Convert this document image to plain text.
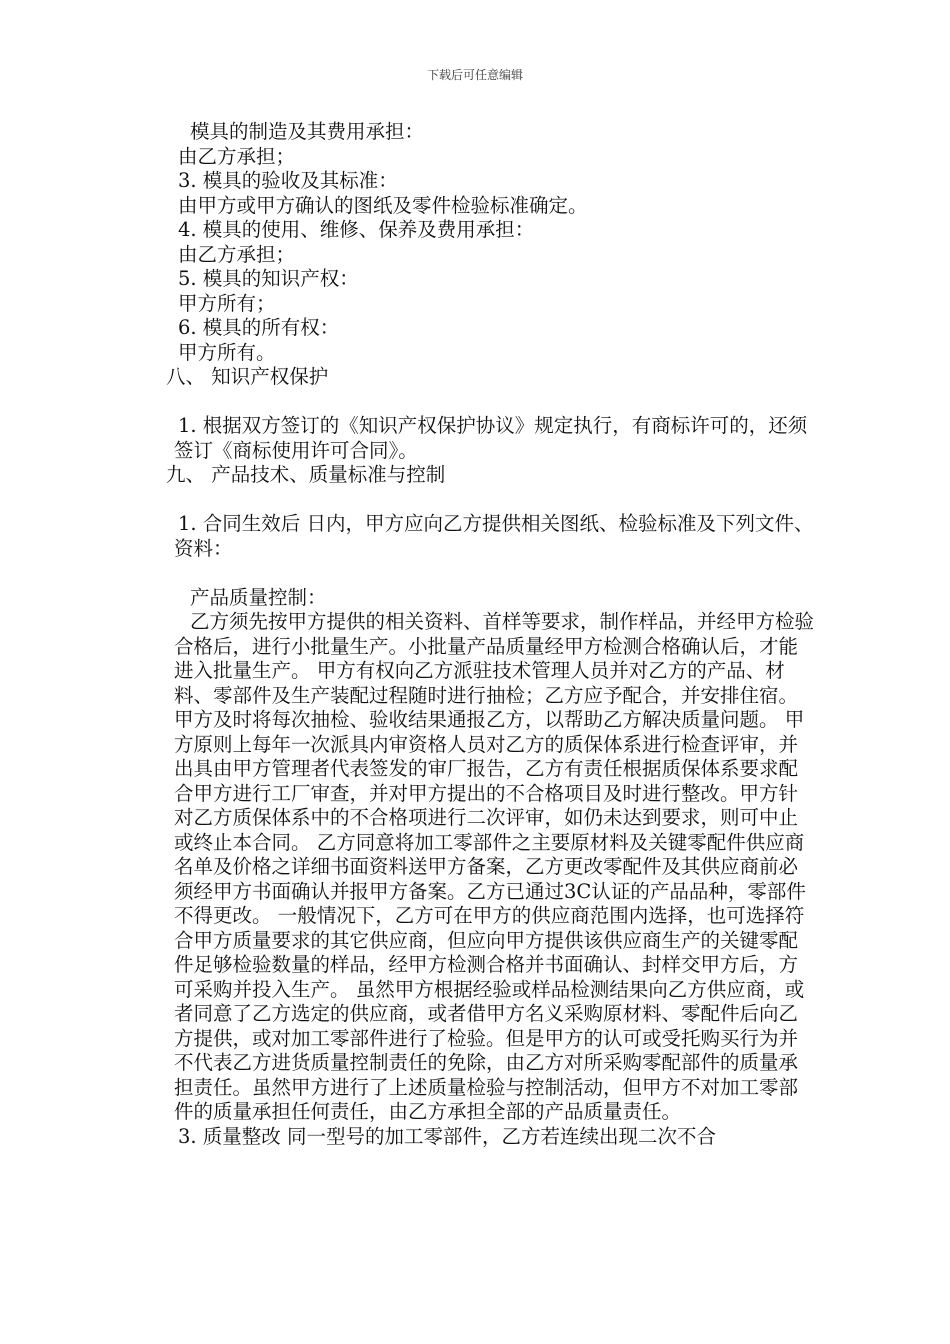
下载后可任意编辑
模具的制造及其费用承担：
由乙方承担；
3. 模具的验收及其标准：
由甲方或甲方确认的图纸及零件检验标准确定。
4. 模具的使用、维修、保养及费用承担：
由乙方承担；
5. 模具的知识产权：
甲方所有；
6. 模具的所有权：
甲方所有。
八、 知识产权保护
1. 根据双方签订的《知识产权保护协议》规定执行，有商标许可的，还须签订《商标使用许可合同》。
九、 产品技术、质量标准与控制
1. 合同生效后 日内，甲方应向乙方提供相关图纸、检验标准及下列文件、资料：
产品质量控制：
乙方须先按甲方提供的相关资料、首样等要求，制作样品，并经甲方检验合格后，进行小批量生产。小批量产品质量经甲方检测合格确认后，才能进入批量生产。 甲方有权向乙方派驻技术管理人员并对乙方的产品、材料、零部件及生产装配过程随时进行抽检；乙方应予配合，并安排住宿。甲方及时将每次抽检、验收结果通报乙方，以帮助乙方解决质量问题。 甲方原则上每年一次派具内审资格人员对乙方的质保体系进行检查评审，并出具由甲方管理者代表签发的审厂报告，乙方有责任根据质保体系要求配合甲方进行工厂审查，并对甲方提出的不合格项目及时进行整改。甲方针对乙方质保体系中的不合格项进行二次评审，如仍未达到要求，则可中止或终止本合同。 乙方同意将加工零部件之主要原材料及关键零配件供应商名单及价格之详细书面资料送甲方备案，乙方更改零配件及其供应商前必须经甲方书面确认并报甲方备案。乙方已通过3C认证的产品品种，零部件不得更改。 一般情况下，乙方可在甲方的供应商范围内选择，也可选择符合甲方质量要求的其它供应商，但应向甲方提供该供应商生产的关键零配件足够检验数量的样品，经甲方检测合格并书面确认、封样交甲方后，方可采购并投入生产。 虽然甲方根据经验或样品检测结果向乙方供应商，或者同意了乙方选定的供应商，或者借甲方名义采购原材料、零配件后向乙方提供，或对加工零部件进行了检验。但是甲方的认可或受托购买行为并不代表乙方进货质量控制责任的免除，由乙方对所采购零配部件的质量承担责任。虽然甲方进行了上述质量检验与控制活动，但甲方不对加工零部件的质量承担任何责任，由乙方承担全部的产品质量责任。
3. 质量整改 同一型号的加工零部件，乙方若连续出现二次不合
